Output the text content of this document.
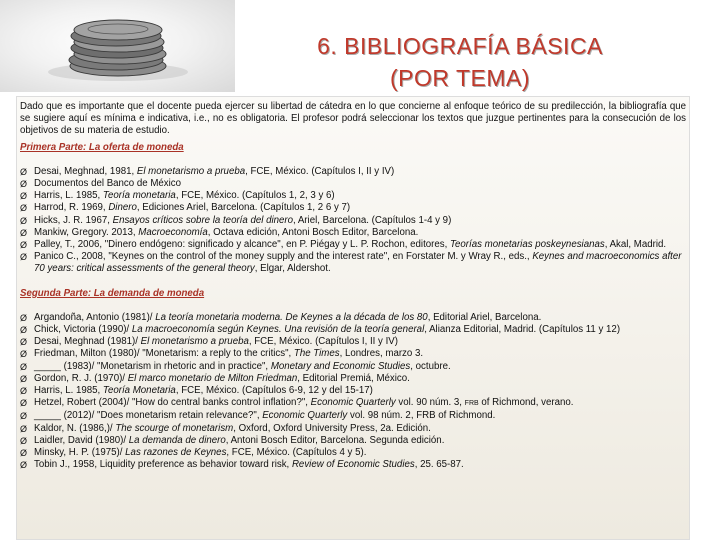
6. BIBLIOGRAFÍA BÁSICA
(POR TEMA)

Dado que es importante que el docente pueda ejercer su libertad de cátedra en lo que concierne al enfoque teórico de su predilección, la bibliografía que se sugiere aquí es mínima e indicativa, i.e., no es obligatoria. El profesor podrá seleccionar los textos que juzgue pertinentes para la consecución de los objetivos de su materia de estudio.

Primera Parte: La oferta de moneda
Ø Desai, Meghnad, 1981, El monetarismo a prueba, FCE, México. (Capítulos I, II y IV)
Ø Documentos del Banco de México
Ø Harris, L. 1985, Teoría monetaria, FCE, México. (Capítulos 1, 2, 3 y 6)
Ø Harrod, R. 1969, Dinero, Ediciones Ariel, Barcelona. (Capítulos 1, 2 6 y 7)
Ø Hicks, J. R. 1967, Ensayos críticos sobre la teoría del dinero, Ariel, Barcelona. (Capítulos 1-4 y 9)
Ø Mankiw, Gregory. 2013, Macroeconomía, Octava edición, Antoni Bosch Editor, Barcelona.
Ø Palley, T., 2006, "Dinero endógeno: significado y alcance", en P. Piégay y L. P. Rochon, editores, Teorías monetarias poskeynesianas, Akal, Madrid.
Ø Panico C., 2008, "Keynes on the control of the money supply and the interest rate", en Forstater M. y Wray R., eds., Keynes and macroeconomics after 70 years: critical assessments of the general theory, Elgar, Aldershot.
Segunda Parte: La demanda de moneda
Ø Argandoña, Antonio (1981)/ La teoría monetaria moderna. De Keynes a la década de los 80, Editorial Ariel, Barcelona.
Ø Chick, Victoria (1990)/ La macroeconomía según Keynes. Una revisión de la teoría general, Alianza Editorial, Madrid. (Capítulos 11 y 12)
Ø Desai, Meghnad (1981)/ El monetarismo a prueba, FCE, México. (Capítulos I, II y IV)
Ø Friedman, Milton (1980)/ "Monetarism: a reply to the critics", The Times, Londres, marzo 3.
Ø _____ (1983)/ "Monetarism in rhetoric and in practice", Monetary and Economic Studies, octubre.
Ø Gordon, R. J. (1970)/ El marco monetario de Milton Friedman, Editorial Premiá, México.
Ø Harris, L. 1985, Teoría Monetaria, FCE, México. (Capítulos 6-9, 12 y del 15-17)
Ø Hetzel, Robert (2004)/ "How do central banks control inflation?", Economic Quarterly vol. 90 núm. 3, FRB of Richmond, verano.
Ø _____ (2012)/ "Does monetarism retain relevance?", Economic Quarterly vol. 98 núm. 2, FRB of Richmond.
Ø Kaldor, N. (1986,)/ The scourge of monetarism, Oxford, Oxford University Press, 2a. Edición.
Ø Laidler, David (1980)/ La demanda de dinero, Antoni Bosch Editor, Barcelona. Segunda edición.
Ø Minsky, H. P. (1975)/ Las razones de Keynes, FCE, México. (Capítulos 4 y 5).
Ø Tobin J., 1958, Liquidity preference as behavior toward risk, Review of Economic Studies, 25. 65-87.
